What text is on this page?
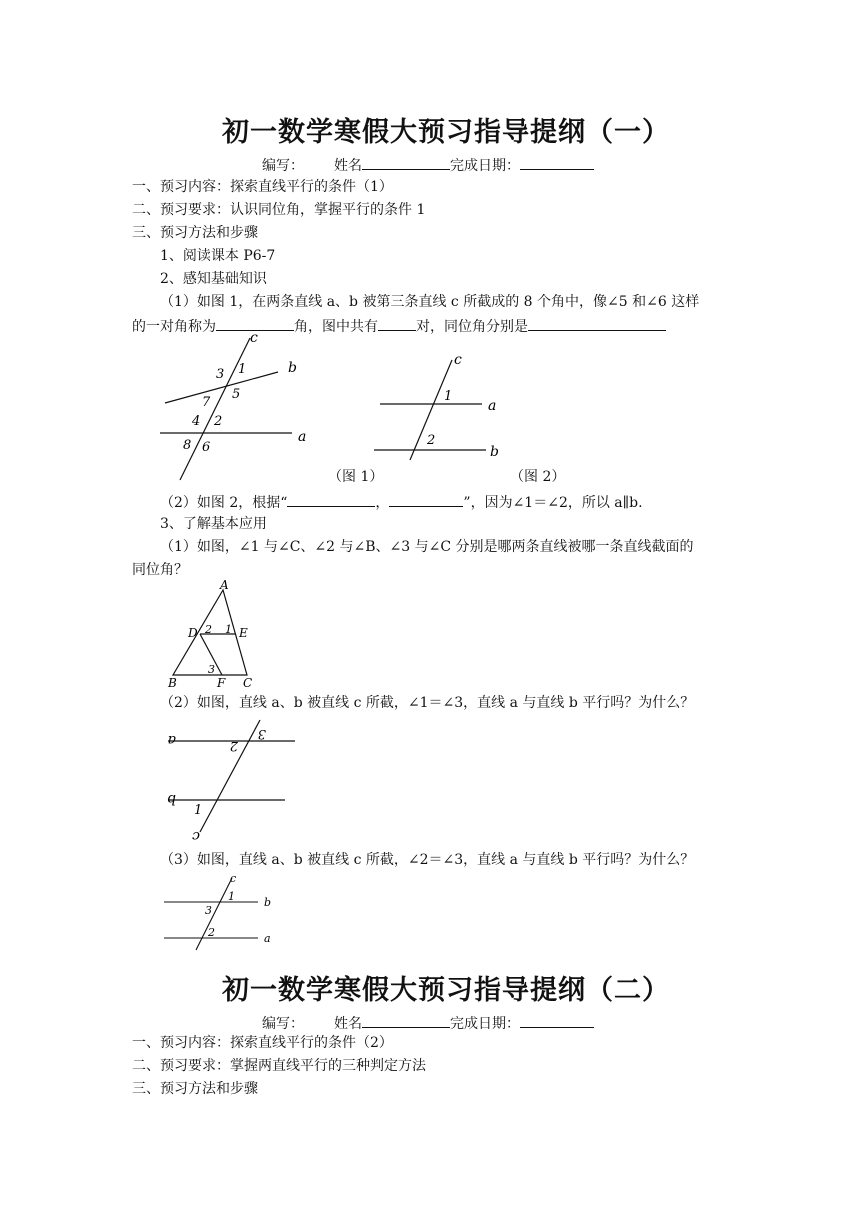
初一数学寒假大预习指导提纲（一）
编写： 姓名	完成日期：
一、预习内容：探索直线平行的条件（1）
二、预习要求：认识同位角，掌握平行的条件 1
三、预习方法和步骤
1、阅读课本 P6-7
2、感知基础知识
（1）如图 1，在两条直线 a、b 被第三条直线 c 所截成的 8 个角中，像∠5 和∠6 这样
的一对角称为	角，图中共有	对，同位角分别是
c
b
a
3 1
7
5
4 2
8 6
c
a
b
1
2
（图 1）	（图 2）
（2）如图 2，根据“	，	”，因为∠1＝∠2，所以 a∥b.
3、了解基本应用
（1）如图，∠1 与∠C、∠2 与∠B、∠3 与∠C 分别是哪两条直线被哪一条直线截面的
同位角？
A
D	E
B	F C
2 1
3
（2）如图，直线 a、b 被直线 c 所截，∠1＝∠3，直线 a 与直线 b 平行吗？为什么？
a
b
c
2
3
1
（3）如图，直线 a、b 被直线 c 所截，∠2＝∠3，直线 a 与直线 b 平行吗？为什么？
c
b
a
1
3
2
初一数学寒假大预习指导提纲（二）
编写： 姓名	完成日期：
一、预习内容：探索直线平行的条件（2）
二、预习要求：掌握两直线平行的三种判定方法
三、预习方法和步骤
